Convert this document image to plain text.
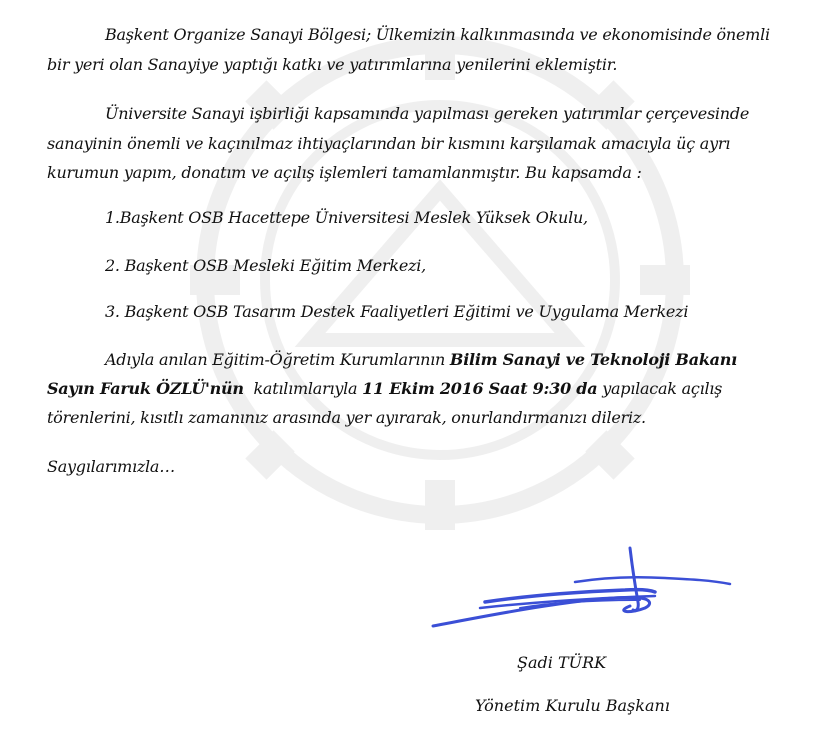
Başkent Organize Sanayi Bölgesi; Ülkemizin kalkınmasında ve ekonomisinde önemli
bir yeri olan Sanayiye yaptığı katkı ve yatırımlarına yenilerini eklemiştir.
Üniversite Sanayi işbirliği kapsamında yapılması gereken yatırımlar çerçevesinde
sanayinin önemli ve kaçınılmaz ihtiyaçlarından bir kısmını karşılamak amacıyla üç ayrı
kurumun yapım, donatım ve açılış işlemleri tamamlanmıştır. Bu kapsamda :
1.Başkent OSB Hacettepe Üniversitesi Meslek Yüksek Okulu,
2. Başkent OSB Mesleki Eğitim Merkezi,
3. Başkent OSB Tasarım Destek Faaliyetleri Eğitimi ve Uygulama Merkezi
Adıyla anılan Eğitim-Öğretim Kurumlarının Bilim Sanayi ve Teknoloji Bakanı
Sayın Faruk ÖZLÜ'nün  katılımlarıyla 11 Ekim 2016 Saat 9:30 da yapılacak açılış
törenlerini, kısıtlı zamanınız arasında yer ayırarak, onurlandırmanızı dileriz.
Saygılarımızla…
Şadi TÜRK
Yönetim Kurulu Başkanı
